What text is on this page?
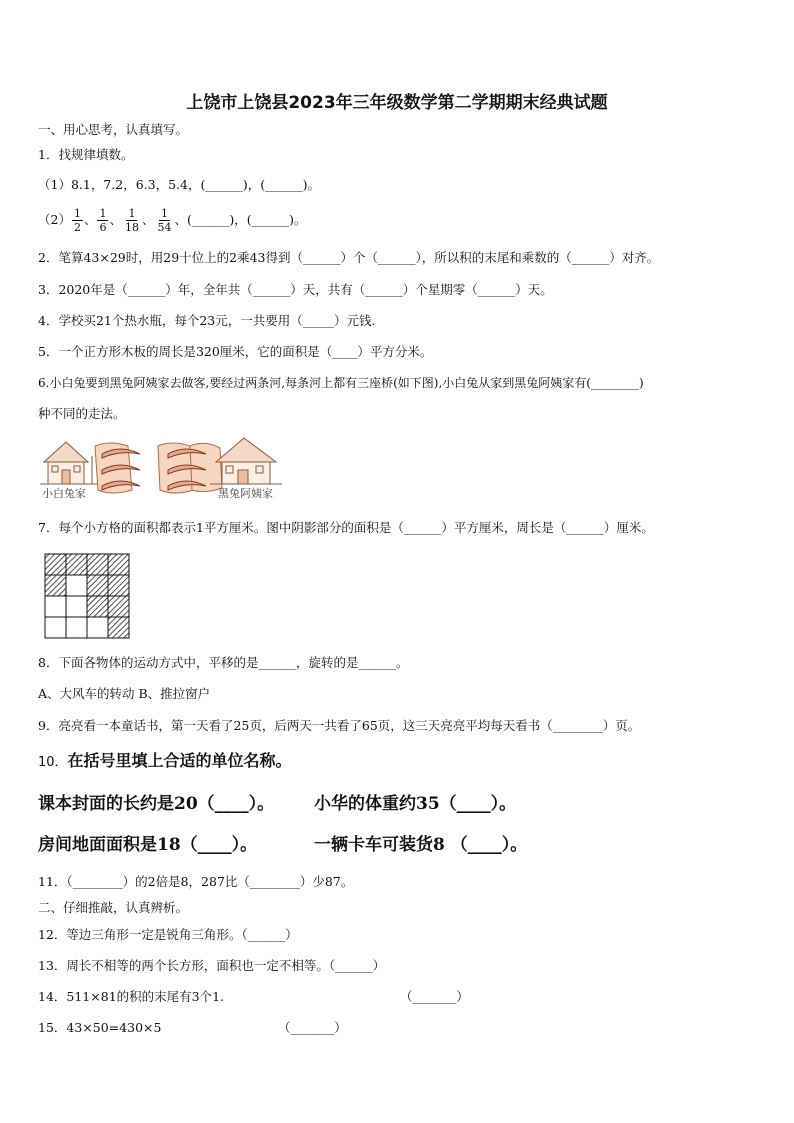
上饶市上饶县2023年三年级数学第二学期期末经典试题
一、用心思考，认真填写。
1．找规律填数。
（1）8.1，7.2，6.3，5.4，(______)，(______)。
$(2) \frac{1}{2}$ 、 $\frac{1}{6}$ 、 $\frac{1}{18}$ 、 $\frac{1}{54}$ 、(______)，(______)。
2．笔算43×29时，用29十位上的2乘43得到（______）个（______），所以积的末尾和乘数的（______）对齐。
3．2020年是（______）年，全年共（______）天，共有（______）个星期零（______）天。
4．学校买21个热水瓶，每个23元，一共要用（_____）元钱.
5．一个正方形木板的周长是320厘米，它的面积是（____）平方分米。
6.小白兔要到黑兔阿姨家去做客,要经过两条河,每条河上都有三座桥(如下图),小白兔从家到黑兔阿姨家有(________)
种不同的走法。
小白兔家	黑兔阿姨家
7．每个小方格的面积都表示1平方厘米。图中阴影部分的面积是（______）平方厘米，周长是（______）厘米。
8．下面各物体的运动方式中，平移的是______，旋转的是______。
A、大风车的转动 B、推拉窗户
9．亮亮看一本童话书，第一天看了25页，后两天一共看了65页，这三天亮亮平均每天看书（________）页。
10．在括号里填上合适的单位名称。
课本封面的长约是20（____）。 小华的体重约35（____）。
房间地面面积是18（____）。	一辆卡车可装货8 （____）。
11．（________）的2倍是8，287比（________）少87。
二、仔细推敲，认真辨析。
12．等边三角形一定是锐角三角形。（______）
13．周长不相等的两个长方形，面积也一定不相等。（______）
14．511×81的积的末尾有3个1.	（_______）
15．43×50=430×5	（_______）
